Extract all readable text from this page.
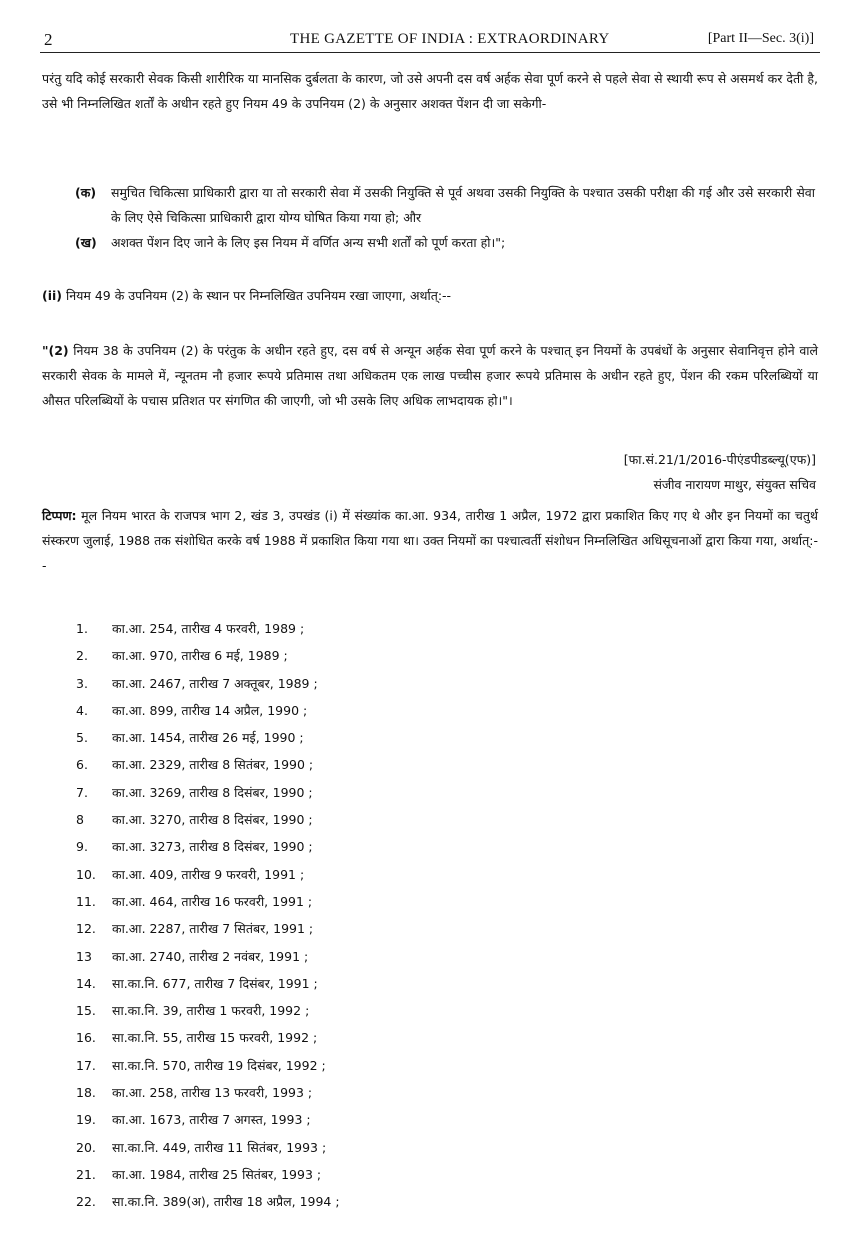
2	THE GAZETTE OF INDIA : EXTRAORDINARY	[Part II—Sec. 3(i)]
परंतु यदि कोई सरकारी सेवक किसी शारीरिक या मानसिक दुर्बलता के कारण, जो उसे अपनी दस वर्ष अर्हक सेवा पूर्ण करने से पहले सेवा से स्थायी रूप से असमर्थ कर देती है, उसे भी निम्नलिखित शर्तों के अधीन रहते हुए नियम 49 के उपनियम (2) के अनुसार अशक्त पेंशन दी जा सकेगी-
(क) समुचित चिकित्सा प्राधिकारी द्वारा या तो सरकारी सेवा में उसकी नियुक्ति से पूर्व अथवा उसकी नियुक्ति के पश्चात उसकी परीक्षा की गई और उसे सरकारी सेवा के लिए ऐसे चिकित्सा प्राधिकारी द्वारा योग्य घोषित किया गया हो; और
(ख) अशक्त पेंशन दिए जाने के लिए इस नियम में वर्णित अन्य सभी शर्तों को पूर्ण करता हो।";
(ii) नियम 49 के उपनियम (2) के स्थान पर निम्नलिखित उपनियम रखा जाएगा, अर्थात्:--
"(2) नियम 38 के उपनियम (2) के परंतुक के अधीन रहते हुए, दस वर्ष से अन्यून अर्हक सेवा पूर्ण करने के पश्चात् इन नियमों के उपबंधों के अनुसार सेवानिवृत्त होने वाले सरकारी सेवक के मामले में, न्यूनतम नौ हजार रूपये प्रतिमास तथा अधिकतम एक लाख पच्चीस हजार रूपये प्रतिमास के अधीन रहते हुए, पेंशन की रकम परिलब्धियों या औसत परिलब्धियों के पचास प्रतिशत पर संगणित की जाएगी, जो भी उसके लिए अधिक लाभदायक हो।"।
[फा.सं.21/1/2016-पीएंडपीडब्ल्यू(एफ)]
संजीव नारायण माथुर, संयुक्त सचिव
टिप्पण: मूल नियम भारत के राजपत्र भाग 2, खंड 3, उपखंड (i) में संख्यांक का.आ. 934, तारीख 1 अप्रैल, 1972 द्वारा प्रकाशित किए गए थे और इन नियमों का चतुर्थ संस्करण जुलाई, 1988 तक संशोधित करके वर्ष 1988 में प्रकाशित किया गया था। उक्त नियमों का पश्चात्वर्ती संशोधन निम्नलिखित अधिसूचनाओं द्वारा किया गया, अर्थात्:--
1.	का.आ. 254, तारीख 4 फरवरी, 1989 ;
2.	का.आ. 970, तारीख 6 मई, 1989 ;
3.	का.आ. 2467, तारीख 7 अक्तूबर, 1989 ;
4.	का.आ. 899, तारीख 14 अप्रैल, 1990 ;
5.	का.आ. 1454, तारीख 26 मई, 1990 ;
6.	का.आ. 2329, तारीख 8 सितंबर, 1990 ;
7.	का.आ. 3269, तारीख 8 दिसंबर, 1990 ;
8	का.आ. 3270, तारीख 8 दिसंबर, 1990 ;
9.	का.आ. 3273, तारीख 8 दिसंबर, 1990 ;
10.	का.आ. 409, तारीख 9 फरवरी, 1991 ;
11.	का.आ. 464, तारीख 16 फरवरी, 1991 ;
12.	का.आ. 2287, तारीख 7 सितंबर, 1991 ;
13	का.आ. 2740, तारीख 2 नवंबर, 1991 ;
14.	सा.का.नि. 677, तारीख 7 दिसंबर, 1991 ;
15.	सा.का.नि. 39, तारीख 1 फरवरी, 1992 ;
16.	सा.का.नि. 55, तारीख 15 फरवरी, 1992 ;
17.	सा.का.नि. 570, तारीख 19 दिसंबर, 1992 ;
18.	का.आ. 258, तारीख 13 फरवरी, 1993 ;
19.	का.आ. 1673, तारीख 7 अगस्त, 1993 ;
20.	सा.का.नि. 449, तारीख 11 सितंबर, 1993 ;
21.	का.आ. 1984, तारीख 25 सितंबर, 1993 ;
22.	सा.का.नि. 389(अ), तारीख 18 अप्रैल, 1994 ;
